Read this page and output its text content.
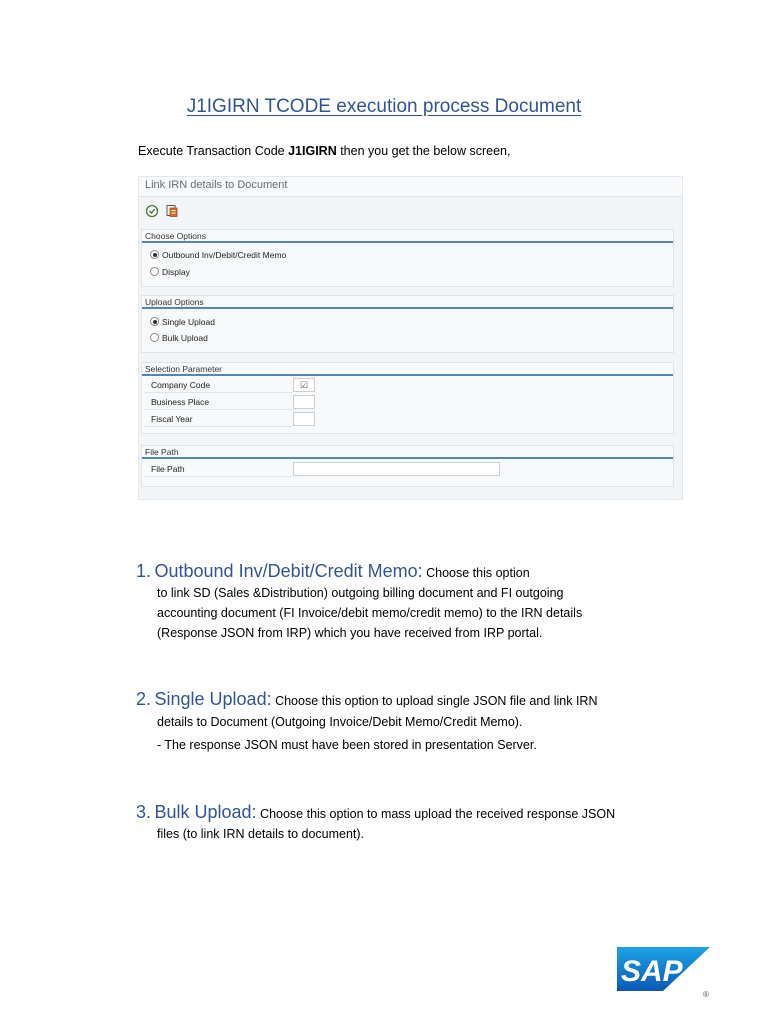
J1IGIRN TCODE execution process Document
Execute Transaction Code J1IGIRN then you get the below screen,
Link IRN details to Document
Choose Options
Outbound Inv/Debit/Credit Memo
Display
Upload Options
Single Upload
Bulk Upload
Selection Parameter
Company Code	☑
Business Place
Fiscal Year
File Path
File Path
1. Outbound Inv/Debit/Credit Memo: Choose this option
to link SD (Sales &Distribution) outgoing billing document and FI outgoing
accounting document (FI Invoice/debit memo/credit memo) to the IRN details
(Response JSON from IRP) which you have received from IRP portal.
2. Single Upload: Choose this option to upload single JSON file and link IRN
details to Document (Outgoing Invoice/Debit Memo/Credit Memo).
- The response JSON must have been stored in presentation Server.
3. Bulk Upload: Choose this option to mass upload the received response JSON
files (to link IRN details to document).
SAP
®
